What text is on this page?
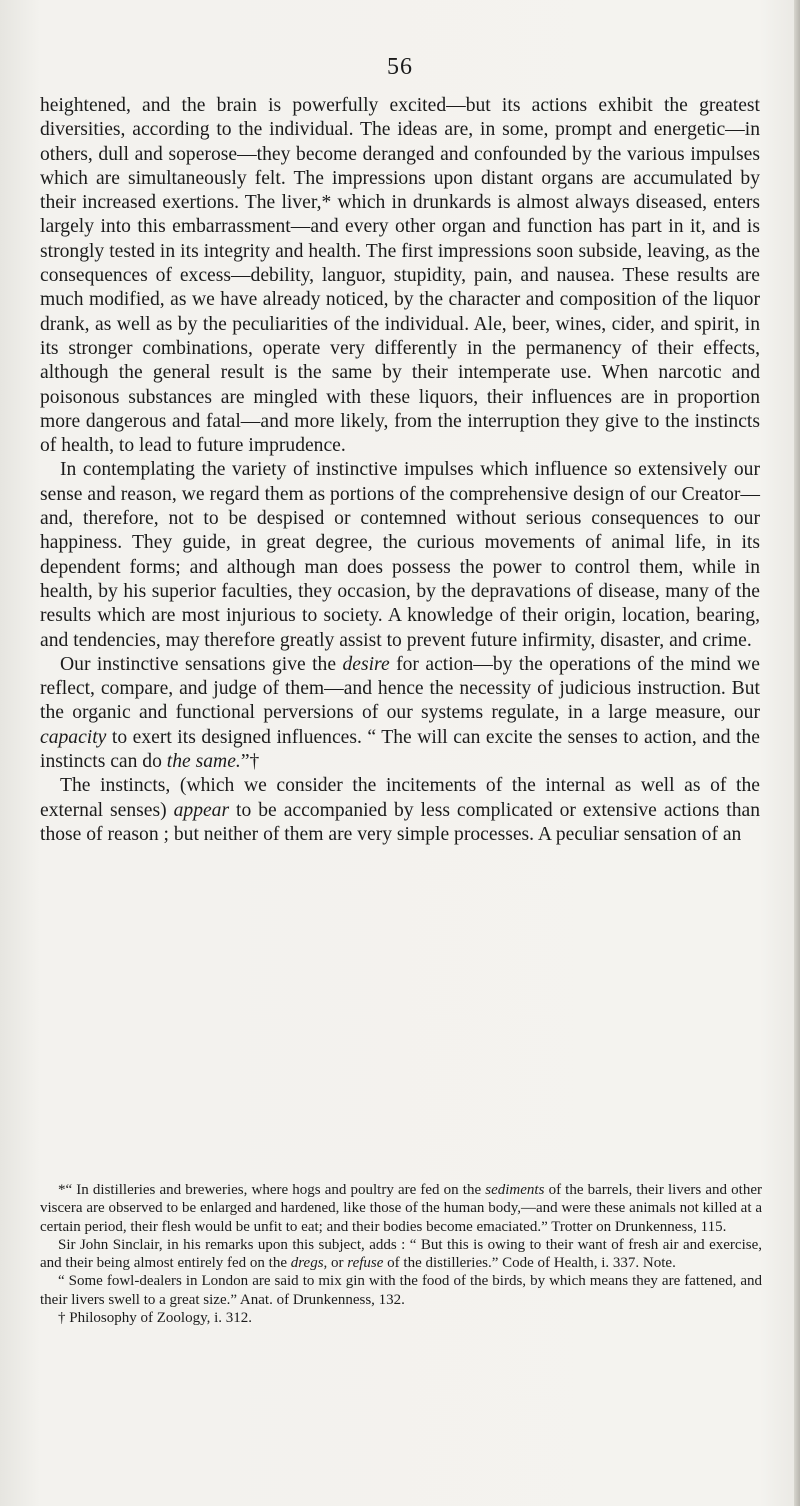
56

heightened, and the brain is powerfully excited—but its actions exhibit the greatest diversities, according to the individual. The ideas are, in some, prompt and energetic—in others, dull and soperose—they become deranged and confounded by the various impulses which are simultaneously felt. The impressions upon distant organs are accumulated by their increased exertions. The liver,* which in drunkards is almost always diseased, enters largely into this embarrassment—and every other organ and function has part in it, and is strongly tested in its integrity and health. The first impressions soon subside, leaving, as the consequences of excess—debility, languor, stupidity, pain, and nausea. These results are much modified, as we have already noticed, by the character and composition of the liquor drank, as well as by the peculiarities of the individual. Ale, beer, wines, cider, and spirit, in its stronger combinations, operate very differently in the permanency of their effects, although the general result is the same by their intemperate use. When narcotic and poisonous substances are mingled with these liquors, their influences are in proportion more dangerous and fatal—and more likely, from the interruption they give to the instincts of health, to lead to future imprudence.

In contemplating the variety of instinctive impulses which influence so extensively our sense and reason, we regard them as portions of the comprehensive design of our Creator—and, therefore, not to be despised or contemned without serious consequences to our happiness. They guide, in great degree, the curious movements of animal life, in its dependent forms; and although man does possess the power to control them, while in health, by his superior faculties, they occasion, by the depravations of disease, many of the results which are most injurious to society. A knowledge of their origin, location, bearing, and tendencies, may therefore greatly assist to prevent future infirmity, disaster, and crime.

Our instinctive sensations give the desire for action—by the operations of the mind we reflect, compare, and judge of them—and hence the necessity of judicious instruction. But the organic and functional perversions of our systems regulate, in a large measure, our capacity to exert its designed influences. “ The will can excite the senses to action, and the instincts can do the same.”†

The instincts, (which we consider the incitements of the internal as well as of the external senses) appear to be accompanied by less complicated or extensive actions than those of reason ; but neither of them are very simple processes. A peculiar sensation of an

*“ In distilleries and breweries, where hogs and poultry are fed on the sediments of the barrels, their livers and other viscera are observed to be enlarged and hardened, like those of the human body,—and were these animals not killed at a certain period, their flesh would be unfit to eat; and their bodies become emaciated.” Trotter on Drunkenness, 115.

Sir John Sinclair, in his remarks upon this subject, adds : “ But this is owing to their want of fresh air and exercise, and their being almost entirely fed on the dregs, or refuse of the distilleries.” Code of Health, i. 337. Note.

“ Some fowl-dealers in London are said to mix gin with the food of the birds, by which means they are fattened, and their livers swell to a great size.” Anat. of Drunkenness, 132.

† Philosophy of Zoology, i. 312.
